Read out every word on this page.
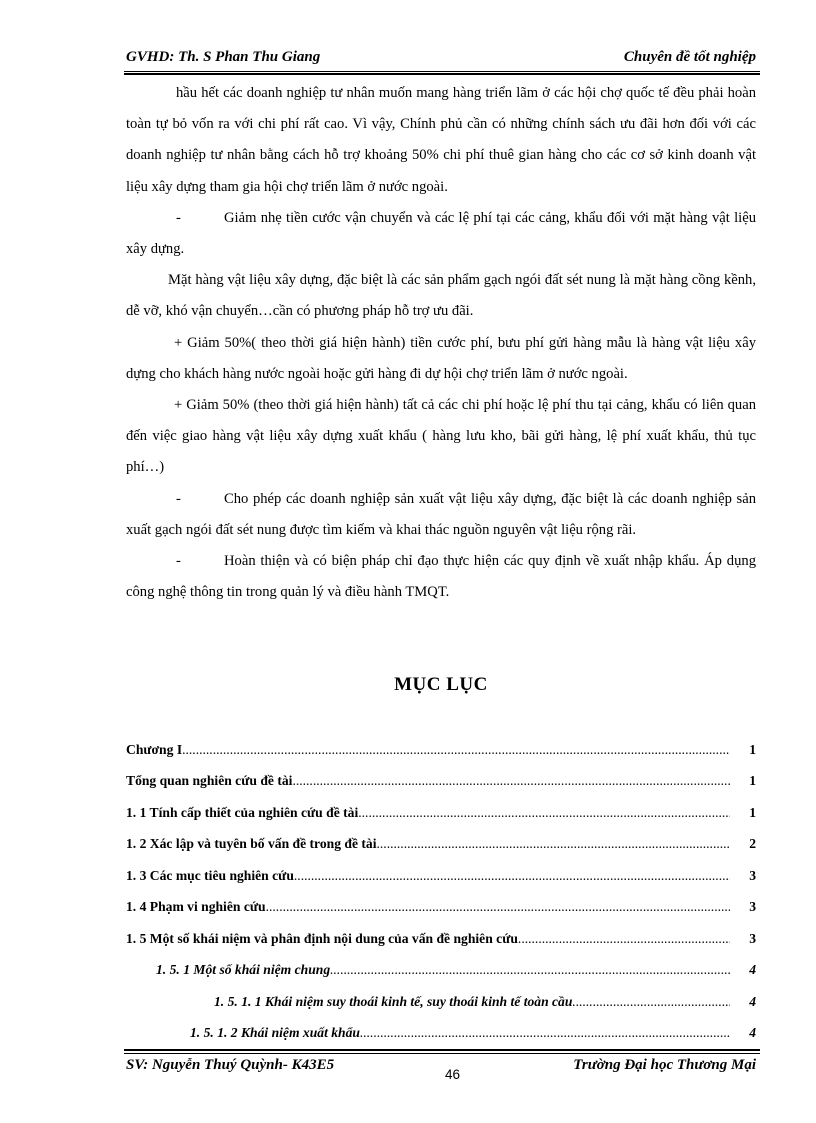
GVHD: Th. S Phan Thu Giang	Chuyên đề tốt nghiệp

hầu hết các doanh nghiệp tư nhân muốn mang hàng triển lãm ở các hội chợ quốc tế đều phải hoàn toàn tự bỏ vốn ra với chi phí rất cao. Vì vậy, Chính phủ cần có những chính sách ưu đãi hơn đối với các doanh nghiệp tư nhân bằng cách hỗ trợ khoảng 50% chi phí thuê gian hàng cho các cơ sở kinh doanh vật liệu xây dựng tham gia hội chợ triển lãm ở nước ngoài.

-	Giảm nhẹ tiền cước vận chuyển và các lệ phí tại các cảng, khẩu đối với mặt hàng vật liệu xây dựng.

Mặt hàng vật liệu xây dựng, đặc biệt là các sản phẩm gạch ngói đất sét nung là mặt hàng cồng kềnh, dễ vỡ, khó vận chuyển…cần có phương pháp hỗ trợ ưu đãi.

+ Giảm 50%( theo thời giá hiện hành) tiền cước phí, bưu phí gửi hàng mẫu là hàng vật liệu xây dựng cho khách hàng nước ngoài hoặc gửi hàng đi dự hội chợ triển lãm ở nước ngoài.

+ Giảm 50% (theo thời giá hiện hành) tất cả các chi phí hoặc lệ phí thu tại cảng, khẩu có liên quan đến việc giao hàng vật liệu xây dựng xuất khẩu ( hàng lưu kho, bãi gửi hàng, lệ phí xuất khẩu, thủ tục phí…)

-	Cho phép các doanh nghiệp sản xuất vật liệu xây dựng, đặc biệt là các doanh nghiệp sản xuất gạch ngói đất sét nung được tìm kiếm và khai thác nguồn nguyên vật liệu rộng rãi.

-	Hoàn thiện và có biện pháp chỉ đạo thực hiện các quy định về xuất nhập khẩu. Áp dụng công nghệ thông tin trong quản lý và điều hành TMQT.

MỤC LỤC
Chương I .....	1
Tổng quan nghiên cứu đề tài .....	1
1. 1 Tính cấp thiết của nghiên cứu đề tài .....	1
1. 2 Xác lập và tuyên bố vấn đề trong đề tài .....	2
1. 3 Các mục tiêu nghiên cứu .....	3
1. 4 Phạm vi nghiên cứu .....	3
1. 5 Một số khái niệm và phân định nội dung của vấn đề nghiên cứu .....	3
1. 5. 1 Một số khái niệm chung .....	4
1. 5. 1. 1 Khái niệm suy thoái kinh tế, suy thoái kinh tế toàn cầu .....	4
1. 5. 1. 2 Khái niệm xuất khẩu .....	4
SV: Nguyễn Thuý Quỳnh- K43E5	Trường Đại học Thương Mại
46
